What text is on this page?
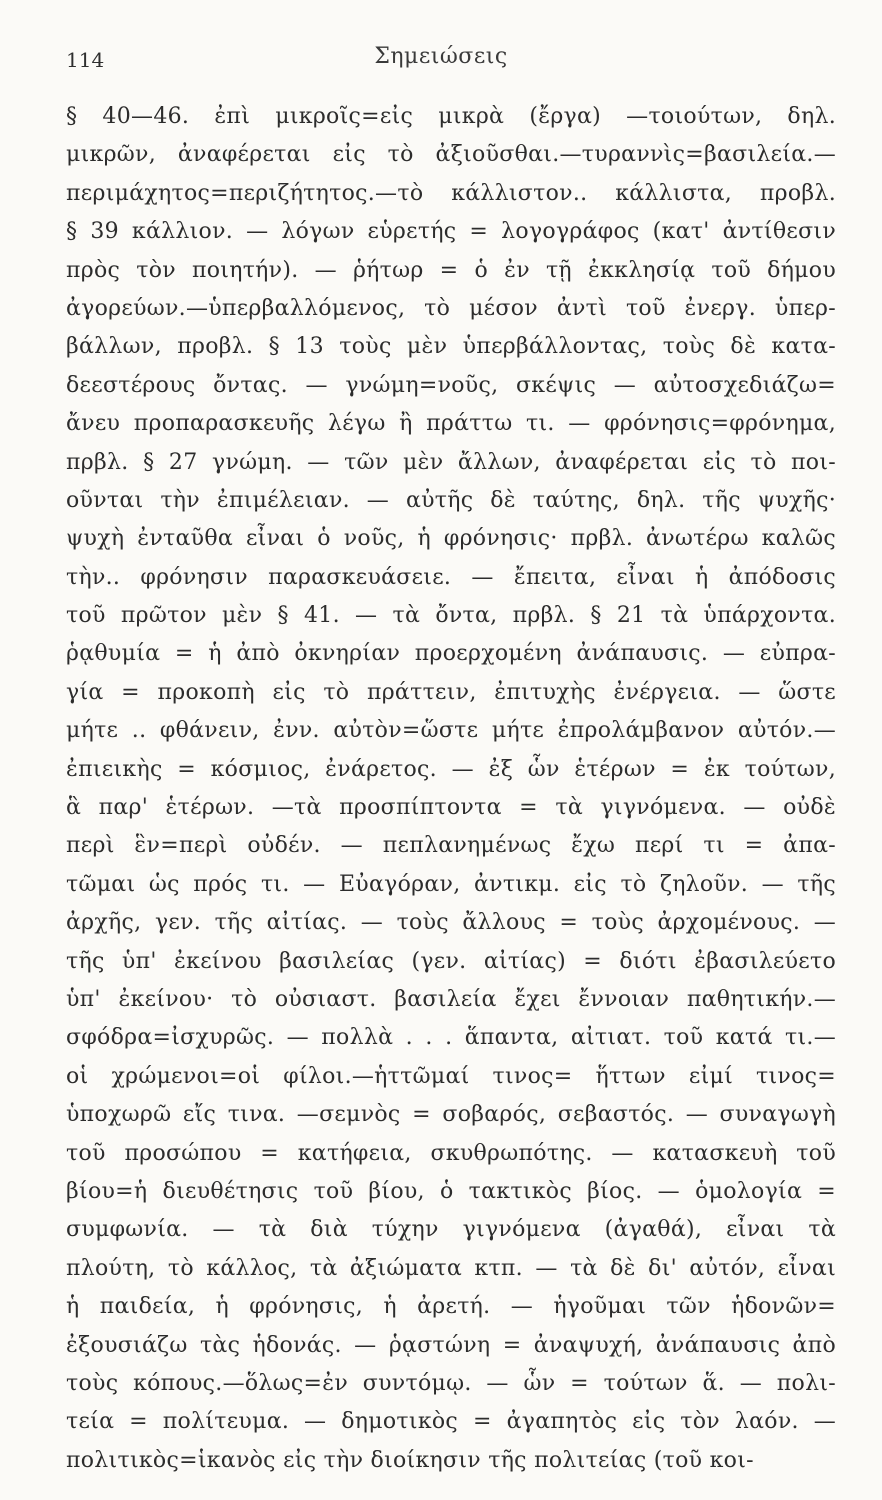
114	Σημειώσεις
§ 40—46. ἐπὶ μικροῖς=εἰς μικρὰ (ἔργα) —τοιούτων, δηλ.
μικρῶν, ἀναφέρεται εἰς τὸ ἀξιοῦσθαι.—τυραννὶς=βασιλεία.—
περιμάχητος=περιζήτητος.—τὸ κάλλιστον.. κάλλιστα, προβλ.
§ 39 κάλλιον. — λόγων εὑρετής = λογογράφος (κατ' ἀντίθεσιν
πρὸς τὸν ποιητήν). — ῥήτωρ = ὁ ἐν τῇ ἐκκλησίᾳ τοῦ δήμου
ἀγορεύων.—ὑπερβαλλόμενος, τὸ μέσον ἀντὶ τοῦ ἐνεργ. ὑπερ-
βάλλων, προβλ. § 13 τοὺς μὲν ὑπερβάλλοντας, τοὺς δὲ κατα-
δεεστέρους ὄντας. — γνώμη=νοῦς, σκέψις — αὐτοσχεδιάζω=
ἄνευ προπαρασκευῆς λέγω ἢ πράττω τι. — φρόνησις=φρόνημα,
πρβλ. § 27 γνώμη. — τῶν μὲν ἄλλων, ἀναφέρεται εἰς τὸ ποι-
οῦνται τὴν ἐπιμέλειαν. — αὐτῆς δὲ ταύτης, δηλ. τῆς ψυχῆς·
ψυχὴ ἐνταῦθα εἶναι ὁ νοῦς, ἡ φρόνησις· πρβλ. ἀνωτέρω καλῶς
τὴν.. φρόνησιν παρασκευάσειε. — ἔπειτα, εἶναι ἡ ἀπόδοσις
τοῦ πρῶτον μὲν § 41. — τὰ ὄντα, πρβλ. § 21 τὰ ὑπάρχοντα.
ῥᾳθυμία = ἡ ἀπὸ ὀκνηρίαν προερχομένη ἀνάπαυσις. — εὐπρα-
γία = προκοπὴ εἰς τὸ πράττειν, ἐπιτυχὴς ἐνέργεια. — ὥστε
μήτε .. φθάνειν, ἐνν. αὐτὸν=ὥστε μήτε ἐπρολάμβανον αὐτόν.—
ἐπιεικὴς = κόσμιος, ἐνάρετος. — ἐξ ὧν ἑτέρων = ἐκ τούτων,
ἃ παρ' ἑτέρων. —τὰ προσπίπτοντα = τὰ γιγνόμενα. — οὐδὲ
περὶ ἓν=περὶ οὐδέν. — πεπλανημένως ἔχω περί τι = ἀπα-
τῶμαι ὡς πρός τι. — Εὐαγόραν, ἀντικμ. εἰς τὸ ζηλοῦν. — τῆς
ἀρχῆς, γεν. τῆς αἰτίας. — τοὺς ἄλλους = τοὺς ἀρχομένους. —
τῆς ὑπ' ἐκείνου βασιλείας (γεν. αἰτίας) = διότι ἐβασιλεύετο
ὑπ' ἐκείνου· τὸ οὐσιαστ. βασιλεία ἔχει ἔννοιαν παθητικήν.—
σφόδρα=ἰσχυρῶς. — πολλὰ . . . ἅπαντα, αἰτιατ. τοῦ κατά τι.—
οἱ χρώμενοι=οἱ φίλοι.—ἡττῶμαί τινος= ἥττων εἰμί τινος=
ὑποχωρῶ εἴς τινα. —σεμνὸς = σοβαρός, σεβαστός. — συναγωγὴ
τοῦ προσώπου = κατήφεια, σκυθρωπότης. — κατασκευὴ τοῦ
βίου=ἡ διευθέτησις τοῦ βίου, ὁ τακτικὸς βίος. — ὁμολογία =
συμφωνία. — τὰ διὰ τύχην γιγνόμενα (ἀγαθά), εἶναι τὰ
πλούτη, τὸ κάλλος, τὰ ἀξιώματα κτπ. — τὰ δὲ δι' αὐτόν, εἶναι
ἡ παιδεία, ἡ φρόνησις, ἡ ἀρετή. — ἡγοῦμαι τῶν ἡδονῶν=
ἐξουσιάζω τὰς ἡδονάς. — ῥᾳστώνη = ἀναψυχή, ἀνάπαυσις ἀπὸ
τοὺς κόπους.—ὅλως=ἐν συντόμῳ. — ὧν = τούτων ἅ. — πολι-
τεία = πολίτευμα. — δημοτικὸς = ἀγαπητὸς εἰς τὸν λαόν. —
πολιτικὸς=ἱκανὸς εἰς τὴν διοίκησιν τῆς πολιτείας (τοῦ κοι-
